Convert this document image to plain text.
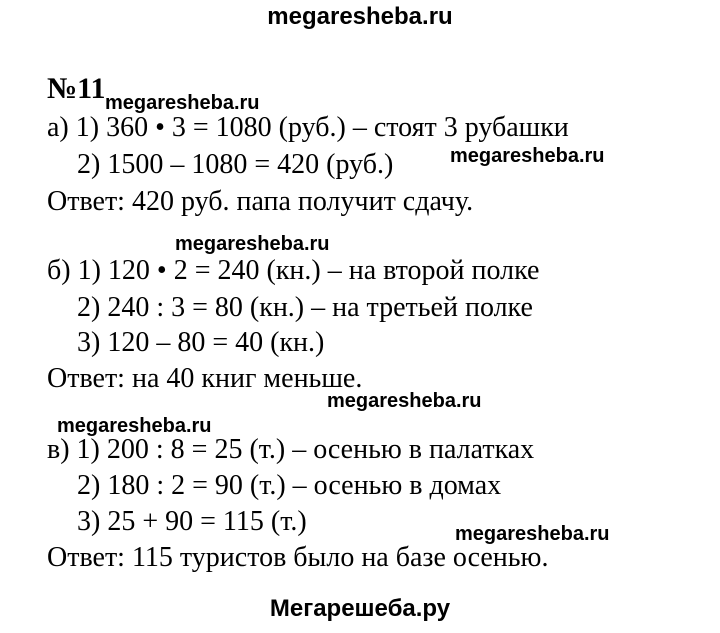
megaresheba.ru
№11 megaresheba.ru
а) 1) 360 • 3 = 1080 (руб.) – стоят 3 рубашки
2) 1500 – 1080 = 420 (руб.)	megaresheba.ru
Ответ: 420 руб. папа получит сдачу.
megaresheba.ru
б) 1) 120 • 2 = 240 (кн.) – на второй полке
2) 240 : 3 = 80 (кн.) – на третьей полке
3) 120 – 80 = 40 (кн.)
Ответ: на 40 книг меньше.
megaresheba.ru
megaresheba.ru
в) 1) 200 : 8 = 25 (т.) – осенью в палатках
2) 180 : 2 = 90 (т.) – осенью в домах
3) 25 + 90 = 115 (т.)	megaresheba.ru
Ответ: 115 туристов было на базе осенью.
Мегарешеба.ру
